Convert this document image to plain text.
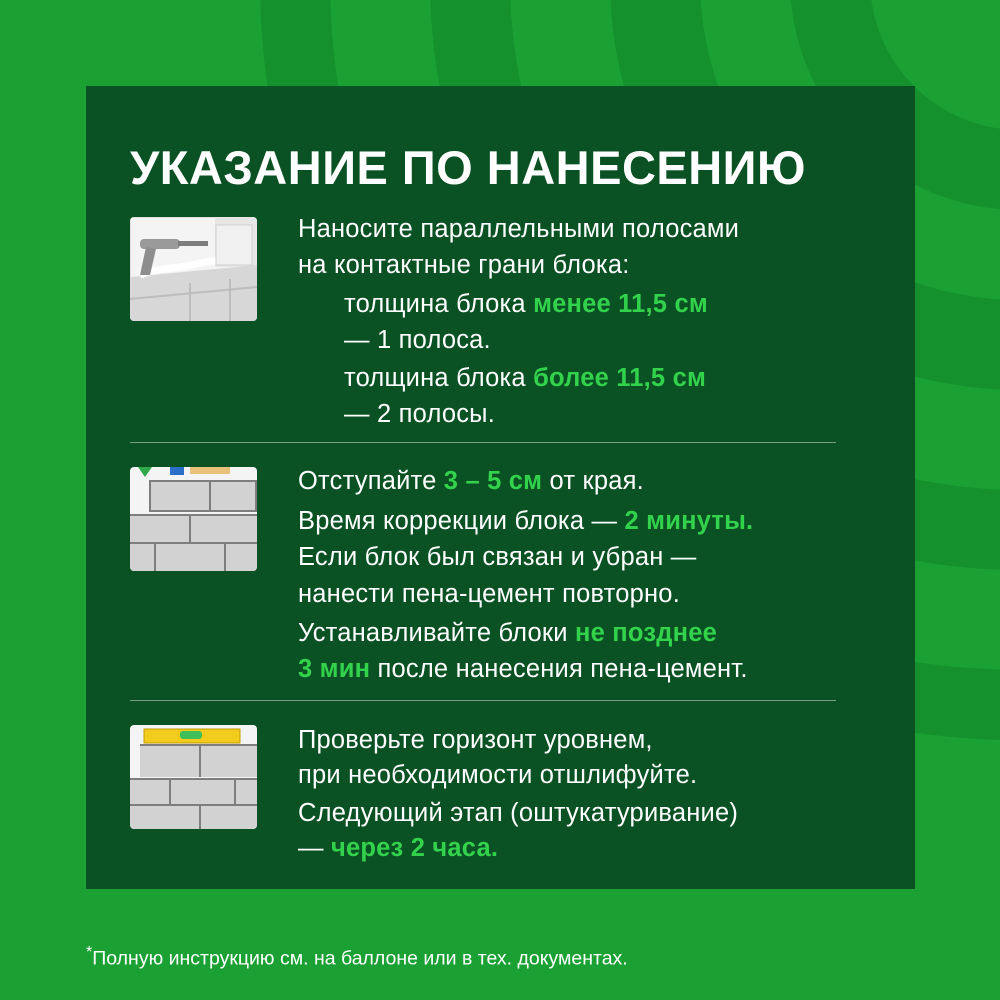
УКАЗАНИЕ ПО НАНЕСЕНИЮ
Наносите параллельными полосами
на контактные грани блока:
толщина блока менее 11,5 см
— 1 полоса.
толщина блока более 11,5 см
— 2 полосы.
Отступайте 3 – 5 см от края.
Время коррекции блока — 2 минуты.
Если блок был связан и убран —
нанести пена-цемент повторно.
Устанавливайте блоки не позднее
3 мин после нанесения пена-цемент.
Проверьте горизонт уровнем,
при необходимости отшлифуйте.
Следующий этап (оштукатуривание)
— через 2 часа.
*Полную инструкцию см. на баллоне или в тех. документах.
